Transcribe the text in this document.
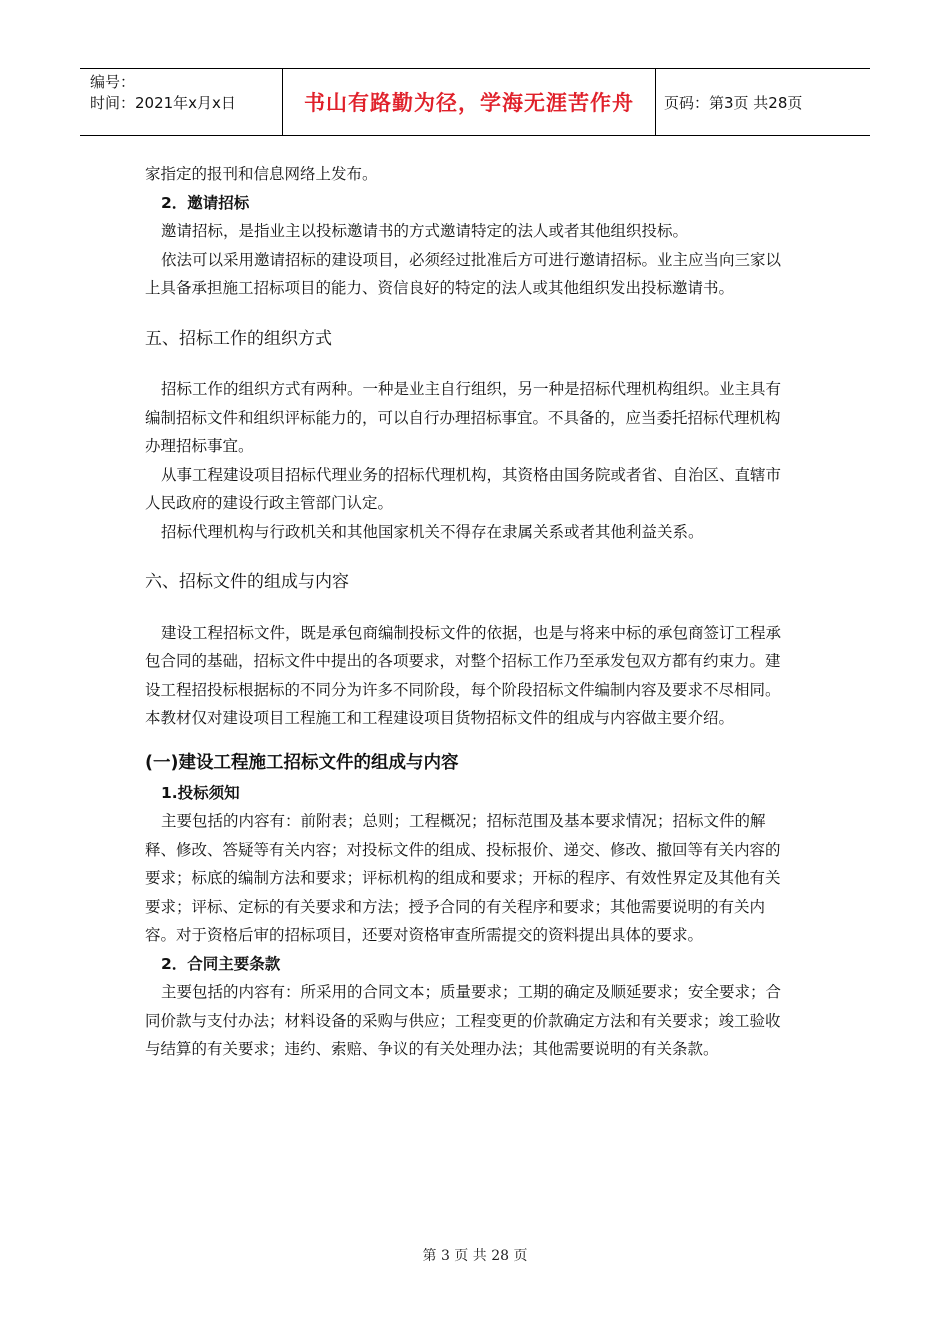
编号：
时间：2021年x月x日	书山有路勤为径，学海无涯苦作舟	页码：第3页 共28页

家指定的报刊和信息网络上发布。

2．邀请招标

邀请招标，是指业主以投标邀请书的方式邀请特定的法人或者其他组织投标。

依法可以采用邀请招标的建设项目，必须经过批准后方可进行邀请招标。业主应当向三家以上具备承担施工招标项目的能力、资信良好的特定的法人或其他组织发出投标邀请书。

五、招标工作的组织方式

招标工作的组织方式有两种。一种是业主自行组织，另一种是招标代理机构组织。业主具有编制招标文件和组织评标能力的，可以自行办理招标事宜。不具备的，应当委托招标代理机构办理招标事宜。

从事工程建设项目招标代理业务的招标代理机构，其资格由国务院或者省、自治区、直辖市人民政府的建设行政主管部门认定。

招标代理机构与行政机关和其他国家机关不得存在隶属关系或者其他利益关系。

六、招标文件的组成与内容

建设工程招标文件，既是承包商编制投标文件的依据，也是与将来中标的承包商签订工程承包合同的基础，招标文件中提出的各项要求，对整个招标工作乃至承发包双方都有约束力。建设工程招投标根据标的不同分为许多不同阶段，每个阶段招标文件编制内容及要求不尽相同。本教材仅对建设项目工程施工和工程建设项目货物招标文件的组成与内容做主要介绍。

(一)建设工程施工招标文件的组成与内容

1.投标须知

主要包括的内容有：前附表；总则；工程概况；招标范围及基本要求情况；招标文件的解释、修改、答疑等有关内容；对投标文件的组成、投标报价、递交、修改、撤回等有关内容的要求；标底的编制方法和要求；评标机构的组成和要求；开标的程序、有效性界定及其他有关要求；评标、定标的有关要求和方法；授予合同的有关程序和要求；其他需要说明的有关内容。对于资格后审的招标项目，还要对资格审查所需提交的资料提出具体的要求。

2．合同主要条款

主要包括的内容有：所采用的合同文本；质量要求；工期的确定及顺延要求；安全要求；合同价款与支付办法；材料设备的采购与供应；工程变更的价款确定方法和有关要求；竣工验收与结算的有关要求；违约、索赔、争议的有关处理办法；其他需要说明的有关条款。

第 3 页 共 28 页
